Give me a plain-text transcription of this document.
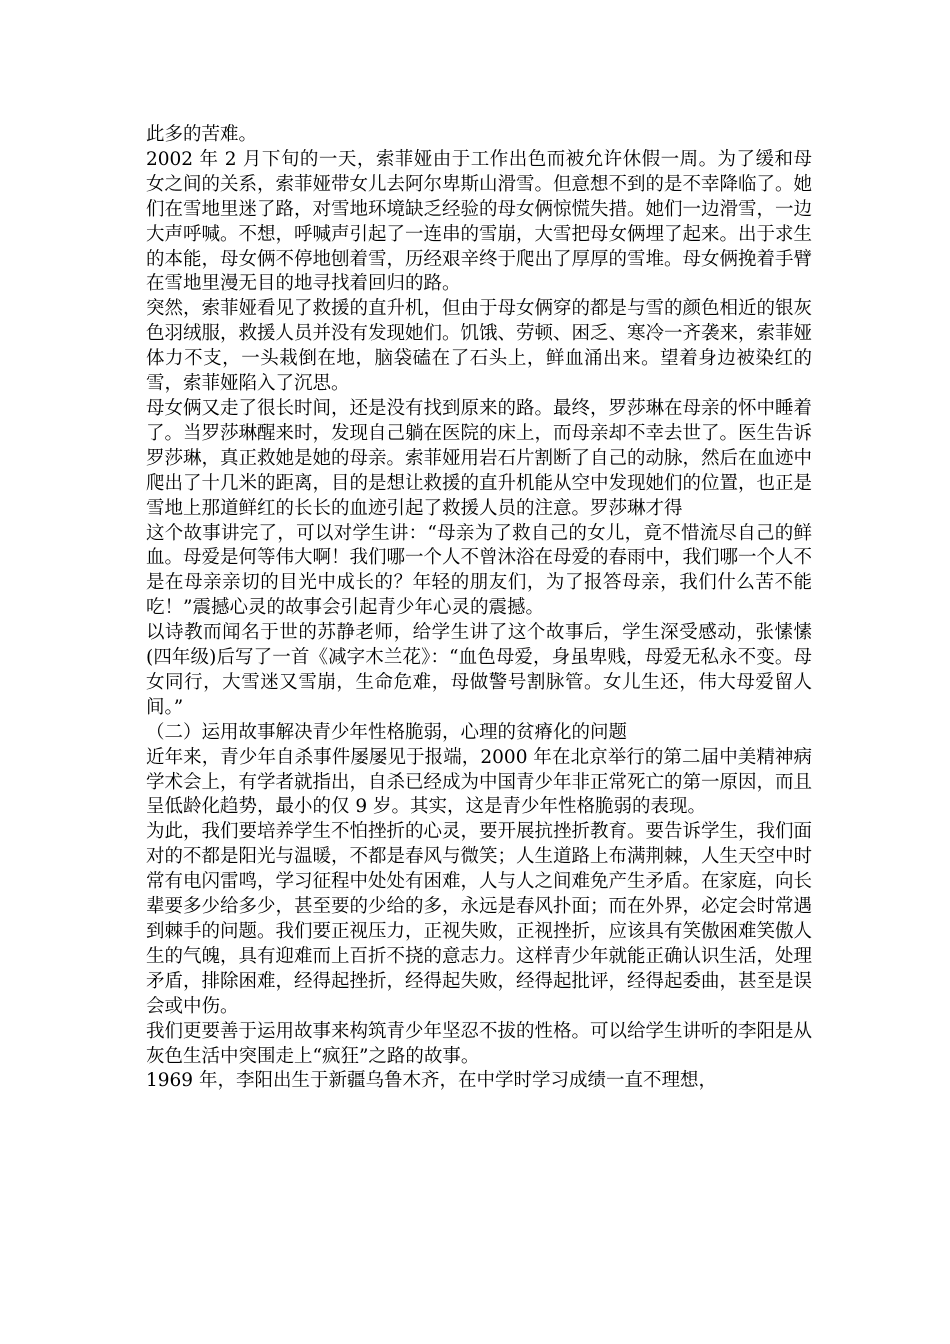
此多的苦难。

2002 年 2 月下旬的一天，索菲娅由于工作出色而被允许休假一周。为了缓和母女之间的关系，索菲娅带女儿去阿尔卑斯山滑雪。但意想不到的是不幸降临了。她们在雪地里迷了路，对雪地环境缺乏经验的母女俩惊慌失措。她们一边滑雪，一边大声呼喊。不想，呼喊声引起了一连串的雪崩，大雪把母女俩埋了起来。出于求生的本能，母女俩不停地刨着雪，历经艰辛终于爬出了厚厚的雪堆。母女俩挽着手臂在雪地里漫无目的地寻找着回归的路。

突然，索菲娅看见了救援的直升机，但由于母女俩穿的都是与雪的颜色相近的银灰色羽绒服，救援人员并没有发现她们。饥饿、劳顿、困乏、寒冷一齐袭来，索菲娅体力不支，一头栽倒在地，脑袋磕在了石头上，鲜血涌出来。望着身边被染红的雪，索菲娅陷入了沉思。

母女俩又走了很长时间，还是没有找到原来的路。最终，罗莎琳在母亲的怀中睡着了。当罗莎琳醒来时，发现自己躺在医院的床上，而母亲却不幸去世了。医生告诉罗莎琳，真正救她是她的母亲。索菲娅用岩石片割断了自己的动脉，然后在血迹中爬出了十几米的距离，目的是想让救援的直升机能从空中发现她们的位置，也正是雪地上那道鲜红的长长的血迹引起了救援人员的注意。罗莎琳才得

这个故事讲完了，可以对学生讲：“母亲为了救自己的女儿，竟不惜流尽自己的鲜血。母爱是何等伟大啊！我们哪一个人不曾沐浴在母爱的春雨中，我们哪一个人不是在母亲亲切的目光中成长的？年轻的朋友们，为了报答母亲，我们什么苦不能吃！”震撼心灵的故事会引起青少年心灵的震撼。

以诗教而闻名于世的苏静老师，给学生讲了这个故事后，学生深受感动，张愫愫(四年级)后写了一首《减字木兰花》：“血色母爱，身虽卑贱，母爱无私永不变。母女同行，大雪迷又雪崩，生命危难，母做警号割脉管。女儿生还，伟大母爱留人间。”

（二）运用故事解决青少年性格脆弱，心理的贫瘠化的问题

近年来，青少年自杀事件屡屡见于报端，2000 年在北京举行的第二届中美精神病学术会上，有学者就指出，自杀已经成为中国青少年非正常死亡的第一原因，而且呈低龄化趋势，最小的仅 9 岁。其实，这是青少年性格脆弱的表现。

为此，我们要培养学生不怕挫折的心灵，要开展抗挫折教育。要告诉学生，我们面对的不都是阳光与温暖，不都是春风与微笑；人生道路上布满荆棘，人生天空中时常有电闪雷鸣，学习征程中处处有困难，人与人之间难免产生矛盾。在家庭，向长辈要多少给多少，甚至要的少给的多，永远是春风扑面；而在外界，必定会时常遇到棘手的问题。我们要正视压力，正视失败，正视挫折，应该具有笑傲困难笑傲人生的气魄，具有迎难而上百折不挠的意志力。这样青少年就能正确认识生活，处理矛盾，排除困难，经得起挫折，经得起失败，经得起批评，经得起委曲，甚至是误会或中伤。

我们更要善于运用故事来构筑青少年坚忍不拔的性格。可以给学生讲听的李阳是从灰色生活中突围走上“疯狂”之路的故事。

1969 年，李阳出生于新疆乌鲁木齐，在中学时学习成绩一直不理想，
